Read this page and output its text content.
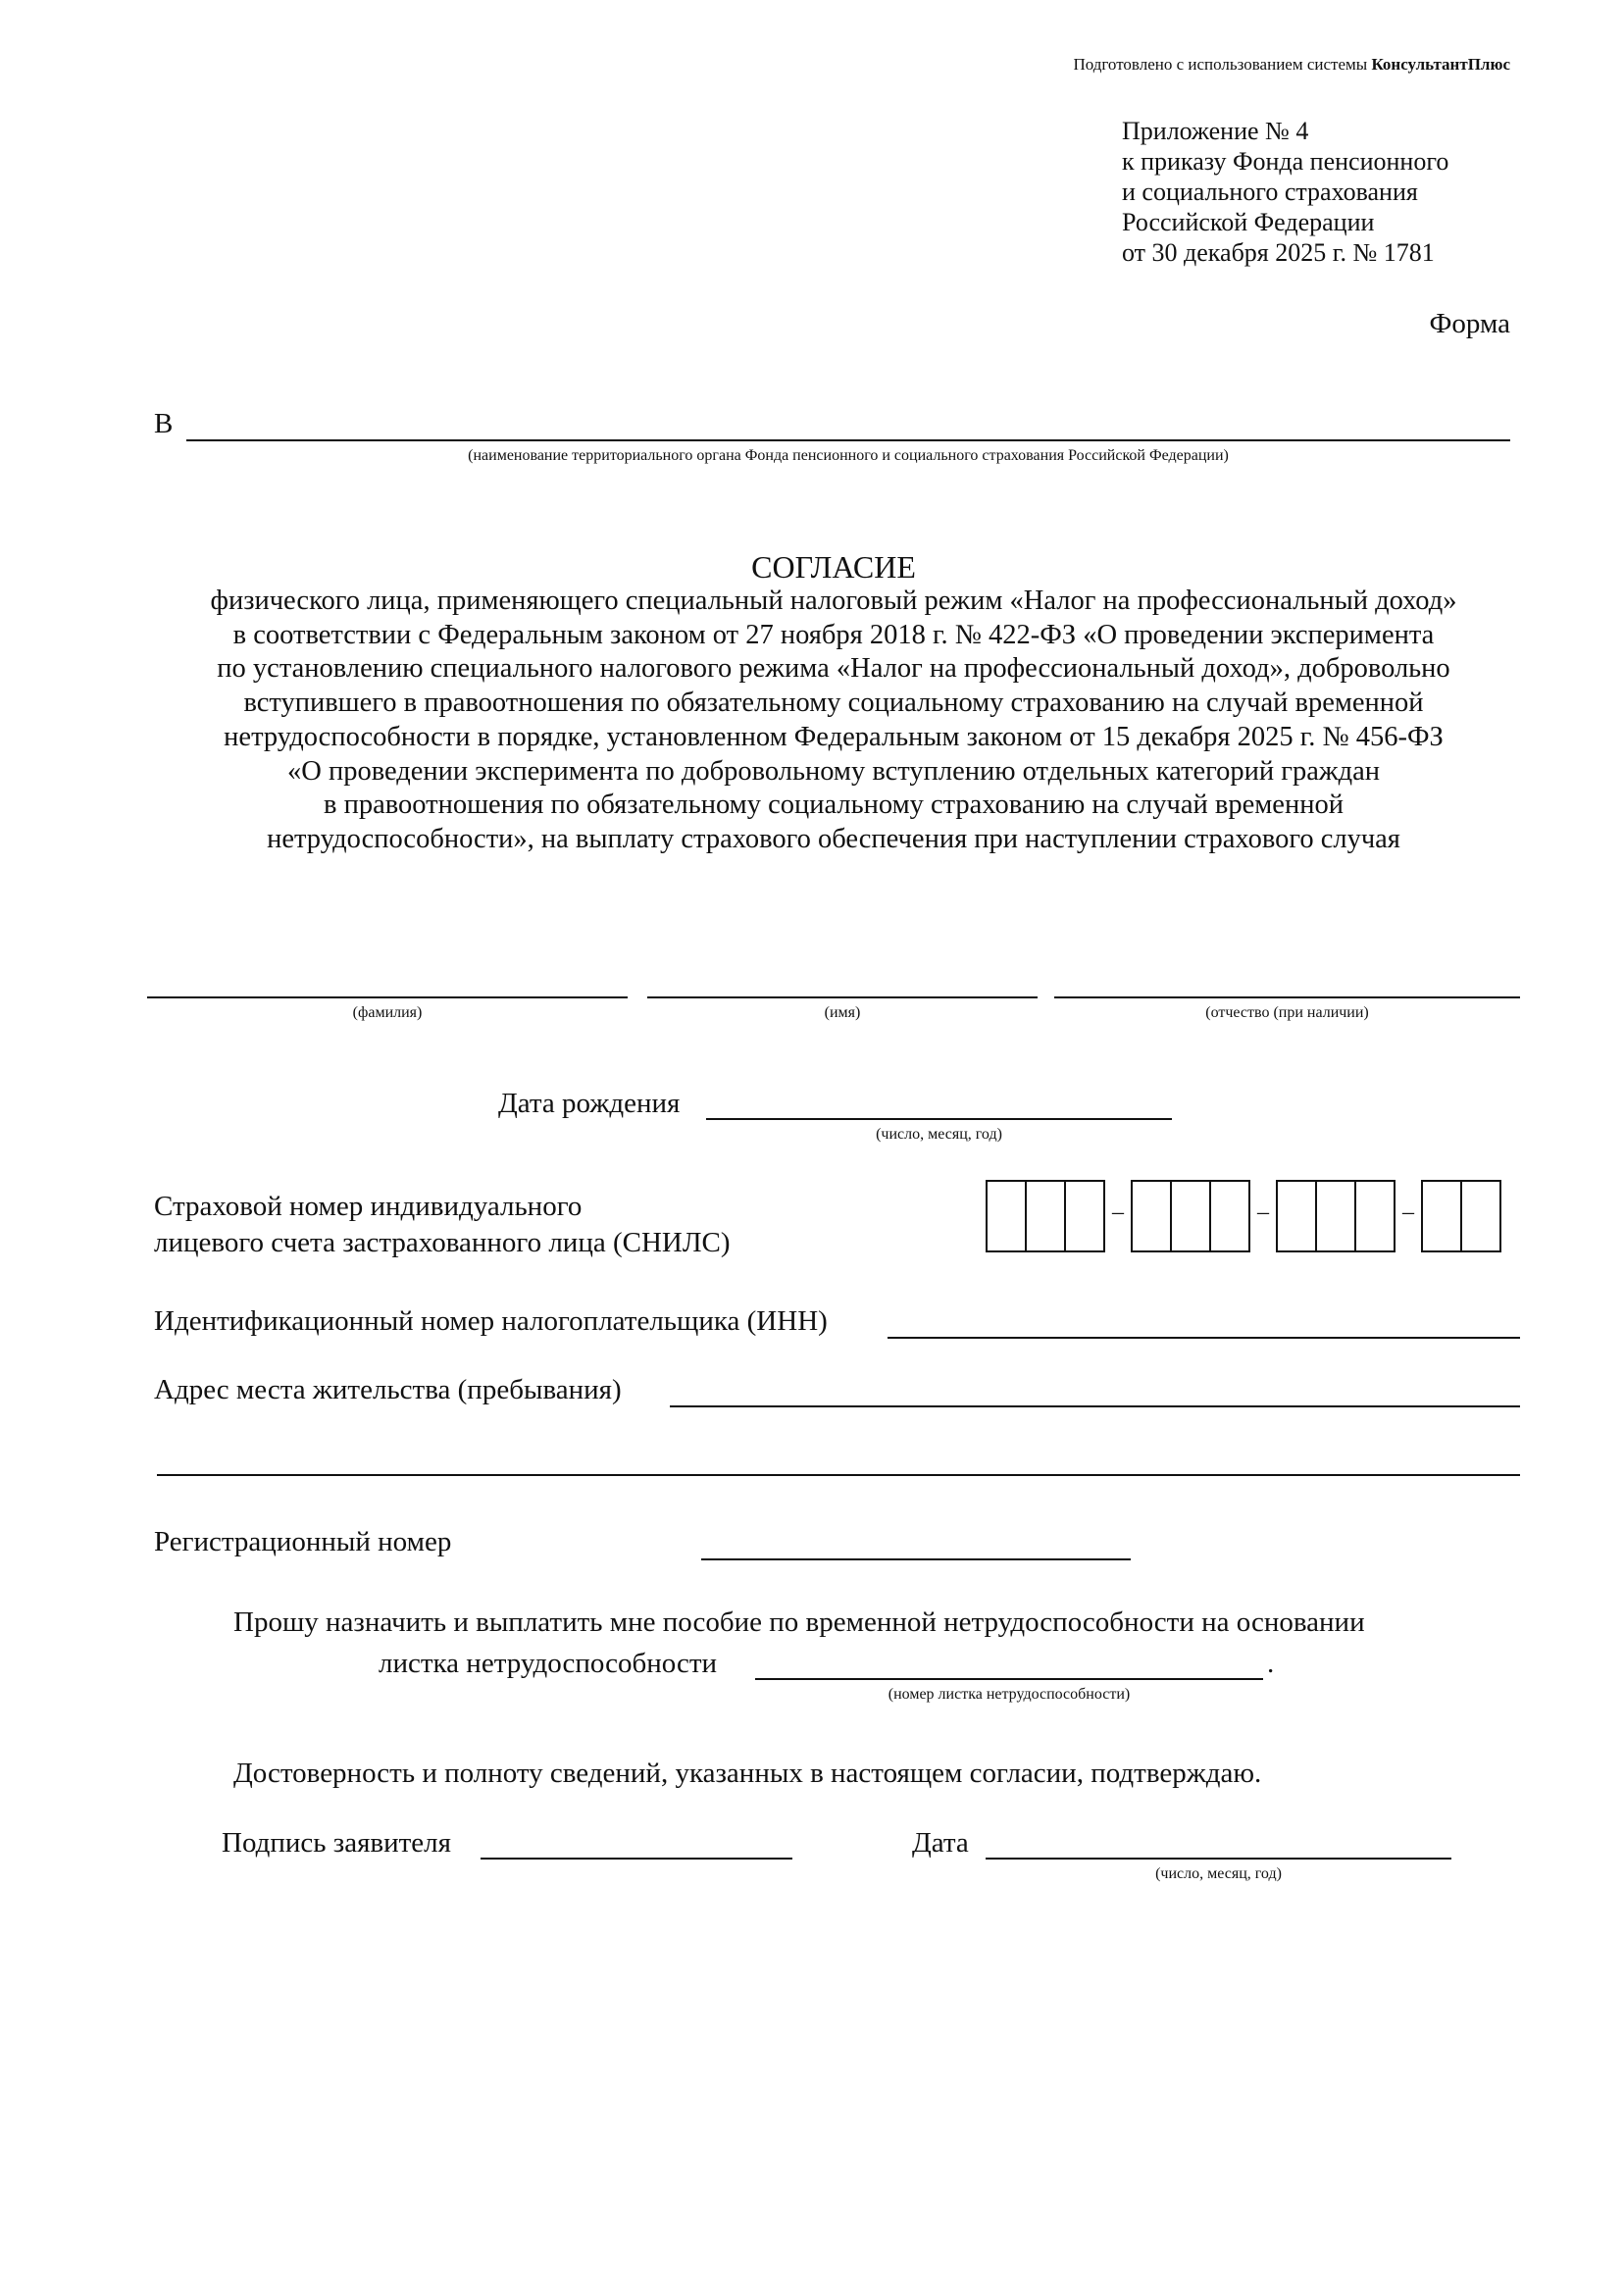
Подготовлено с использованием системы КонсультантПлюс
Приложение № 4
к приказу Фонда пенсионного
и социального страхования
Российской Федерации
от 30 декабря 2025 г. № 1781
Форма
В
(наименование территориального органа Фонда пенсионного и социального страхования Российской Федерации)
СОГЛАСИЕ
физического лица, применяющего специальный налоговый режим «Налог на профессиональный доход»
в соответствии с Федеральным законом от 27 ноября 2018 г. № 422-ФЗ «О проведении эксперимента
по установлению специального налогового режима «Налог на профессиональный доход», добровольно
вступившего в правоотношения по обязательному социальному страхованию на случай временной
нетрудоспособности в порядке, установленном Федеральным законом от 15 декабря 2025 г. № 456-ФЗ
«О проведении эксперимента по добровольному вступлению отдельных категорий граждан
в правоотношения по обязательному социальному страхованию на случай временной
нетрудоспособности», на выплату страхового обеспечения при наступлении страхового случая
(фамилия)	(имя)	(отчество (при наличии)
Дата рождения
(число, месяц, год)
Страховой номер индивидуального
лицевого счета застрахованного лица (СНИЛС)
–	–	–
Идентификационный номер налогоплательщика (ИНН)
Адрес места жительства (пребывания)
Регистрационный номер
Прошу назначить и выплатить мне пособие по временной нетрудоспособности на основании
листка нетрудоспособности	.
(номер листка нетрудоспособности)
Достоверность и полноту сведений, указанных в настоящем согласии, подтверждаю.
Подпись заявителя	Дата
(число, месяц, год)
